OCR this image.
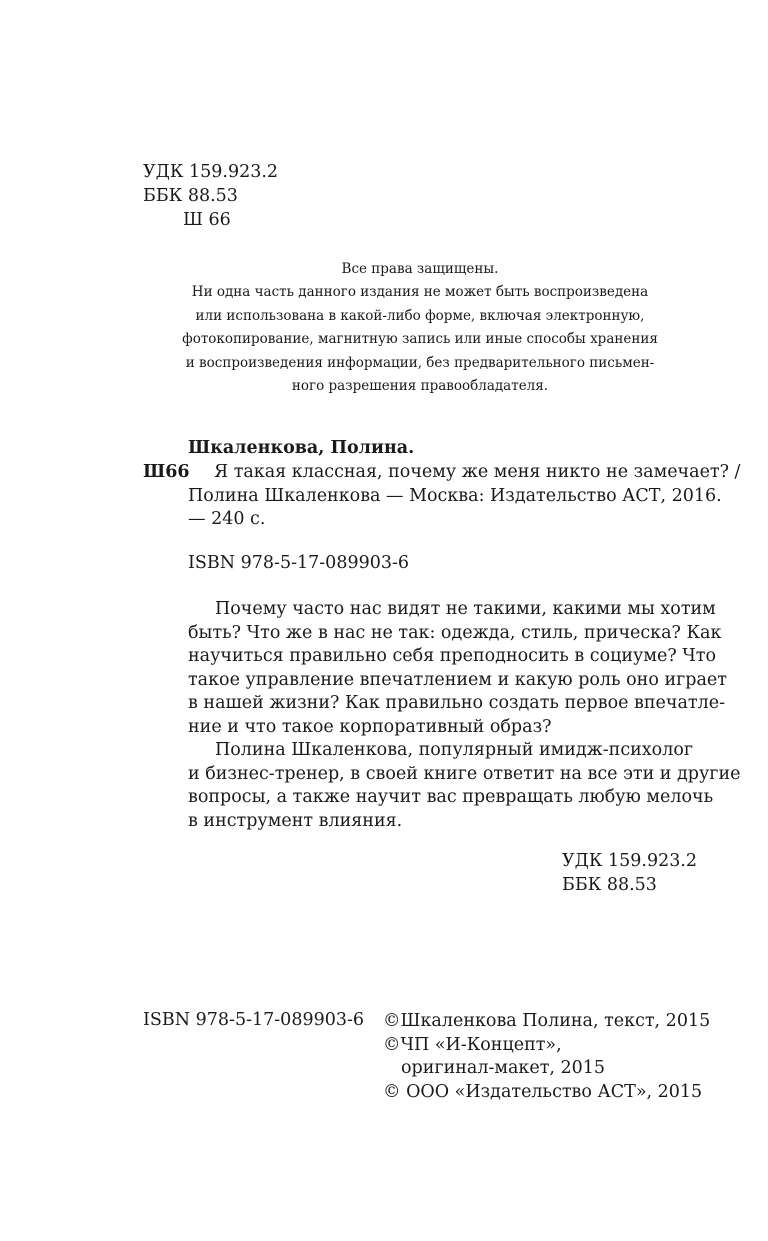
УДК 159.923.2
ББК 88.53
Ш 66
Все права защищены.
Ни одна часть данного издания не может быть воспроизведена
или использована в какой-либо форме, включая электронную,
фотокопирование, магнитную запись или иные способы хранения
и воспроизведения информации, без предварительного письмен-
ного разрешения правообладателя.
Шкаленкова, Полина.
Ш66 Я такая классная, почему же меня никто не замечает? /
Полина Шкаленкова — Москва: Издательство АСТ, 2016.
— 240 с.
ISBN 978-5-17-089903-6
Почему часто нас видят не такими, какими мы хотим
быть? Что же в нас не так: одежда, стиль, прическа? Как
научиться правильно себя преподносить в социуме? Что
такое управление впечатлением и какую роль оно играет
в нашей жизни? Как правильно создать первое впечатле-
ние и что такое корпоративный образ?
Полина Шкаленкова, популярный имидж-психолог
и бизнес-тренер, в своей книге ответит на все эти и другие
вопросы, а также научит вас превращать любую мелочь
в инструмент влияния.
УДК 159.923.2
ББК 88.53
ISBN 978-5-17-089903-6 ©Шкаленкова Полина, текст, 2015
©ЧП «И-Концепт»,
оригинал-макет, 2015
© ООО «Издательство АСТ», 2015
